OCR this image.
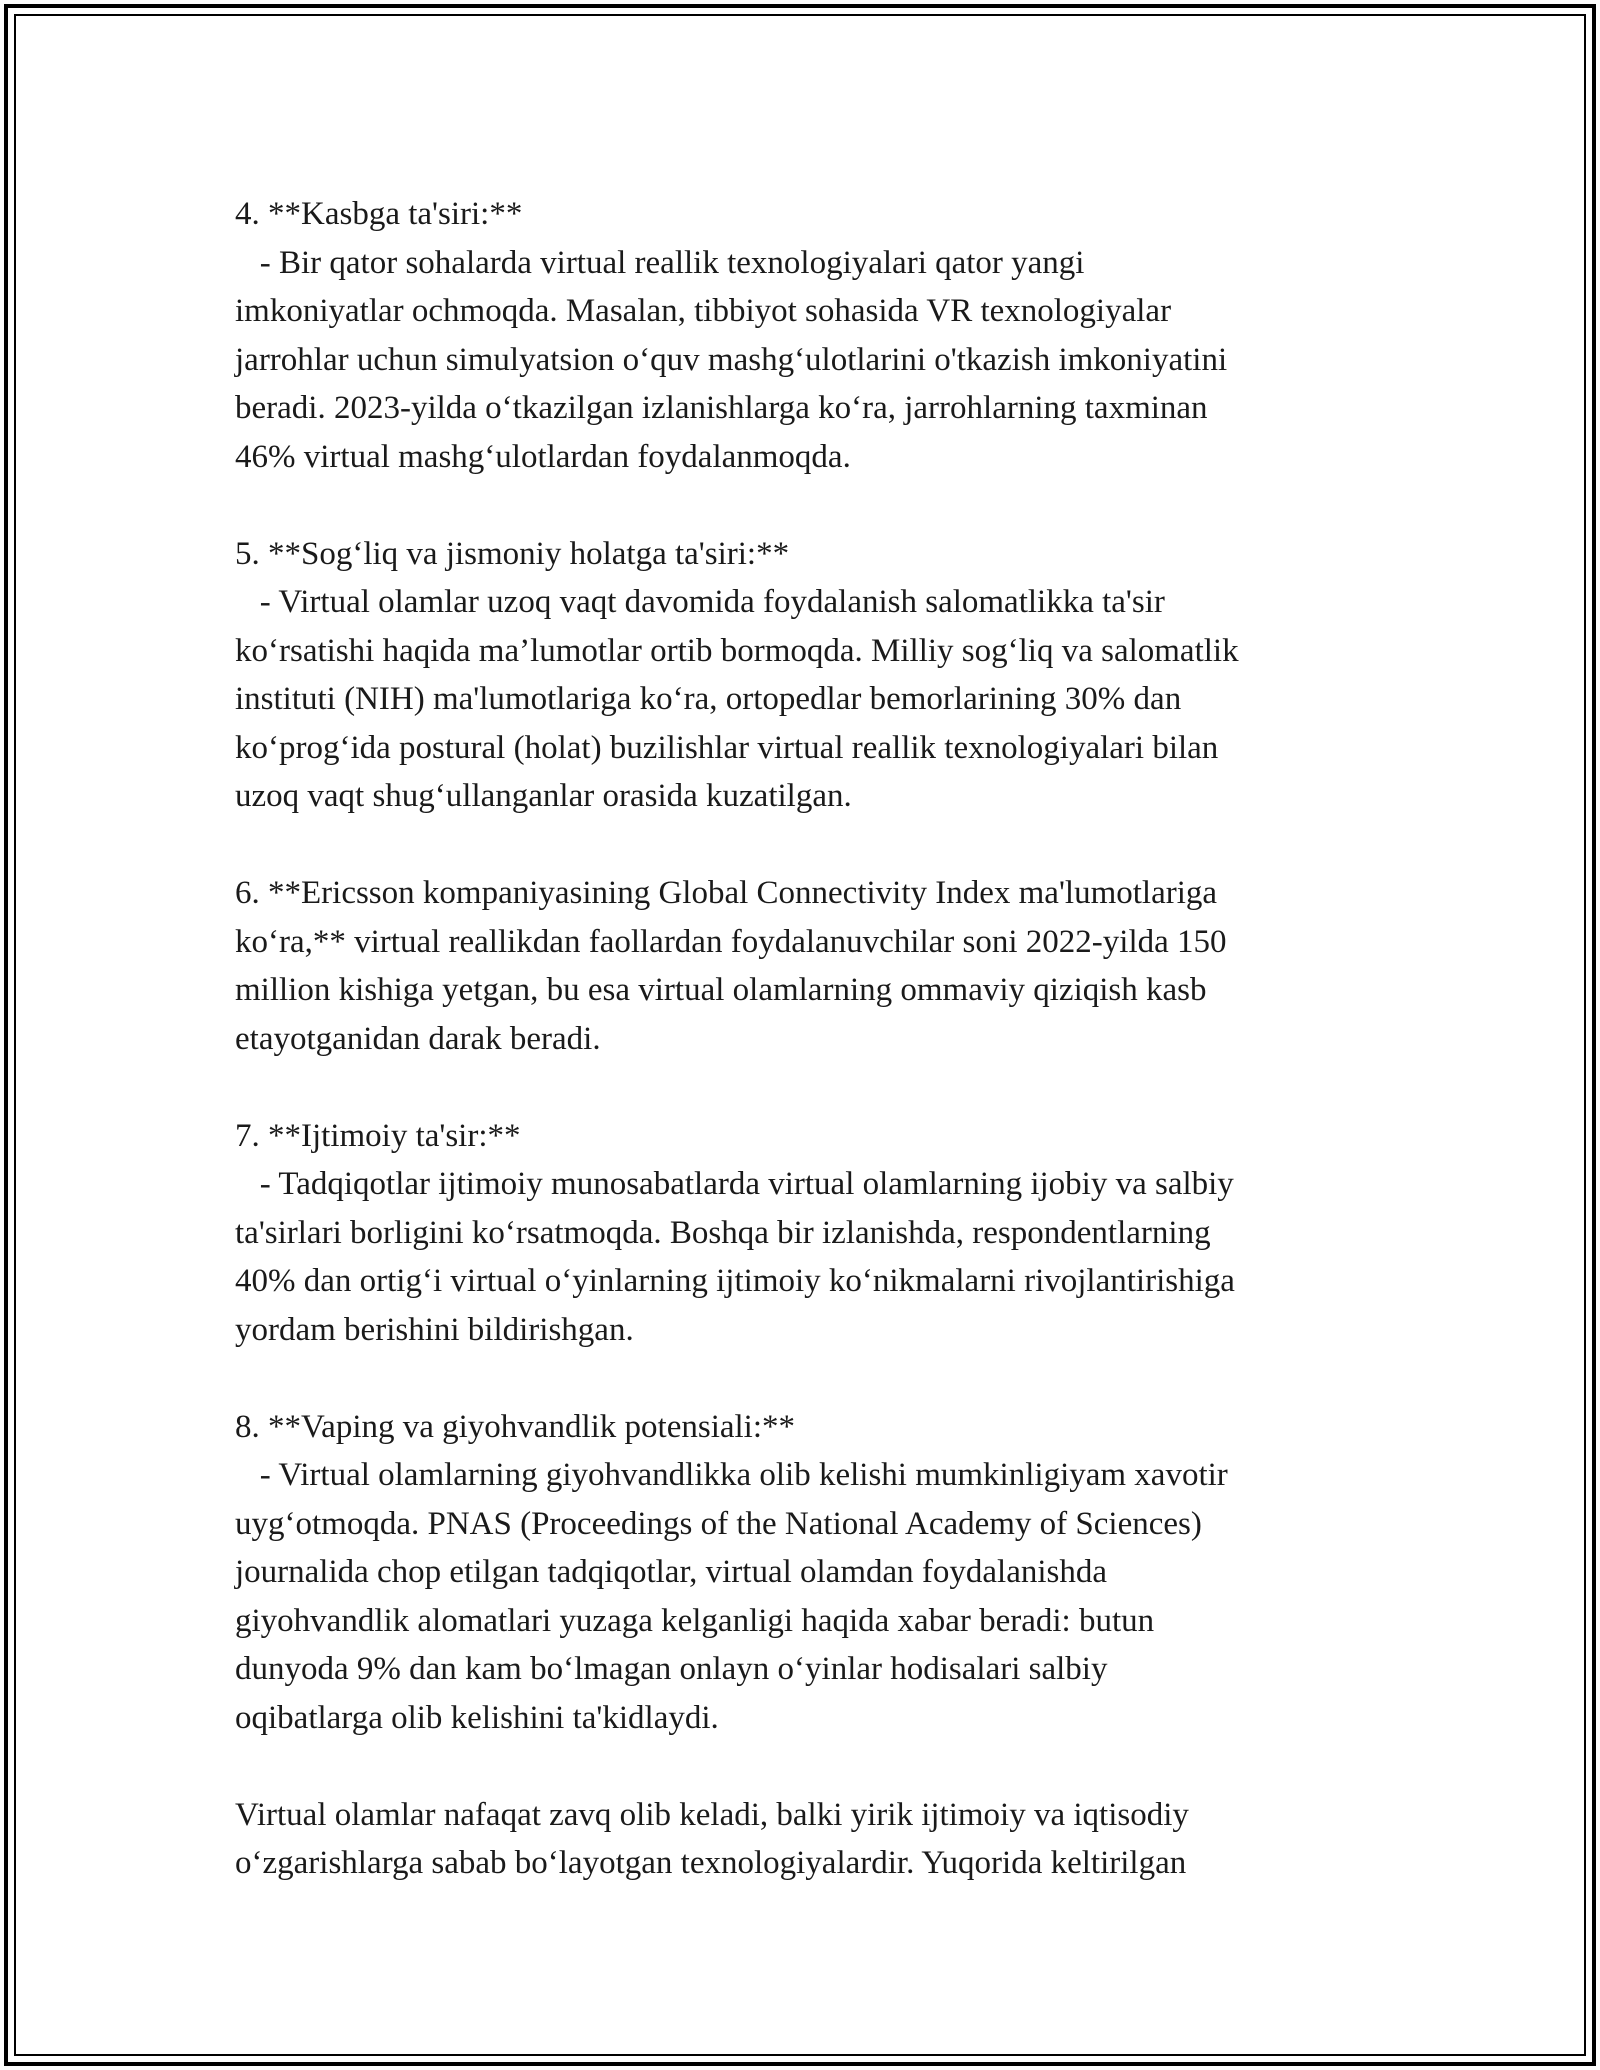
4. **Kasbga ta'siri:**

- Bir qator sohalarda virtual reallik texnologiyalari qator yangi

imkoniyatlar ochmoqda. Masalan, tibbiyot sohasida VR texnologiyalar

jarrohlar uchun simulyatsion o‘quv mashg‘ulotlarini o'tkazish imkoniyatini

beradi. 2023-yilda o‘tkazilgan izlanishlarga ko‘ra, jarrohlarning taxminan

46% virtual mashg‘ulotlardan foydalanmoqda.

5. **Sog‘liq va jismoniy holatga ta'siri:**

- Virtual olamlar uzoq vaqt davomida foydalanish salomatlikka ta'sir

ko‘rsatishi haqida ma’lumotlar ortib bormoqda. Milliy sog‘liq va salomatlik

instituti (NIH) ma'lumotlariga ko‘ra, ortopedlar bemorlarining 30% dan

ko‘prog‘ida postural (holat) buzilishlar virtual reallik texnologiyalari bilan

uzoq vaqt shug‘ullanganlar orasida kuzatilgan.

6. **Ericsson kompaniyasining Global Connectivity Index ma'lumotlariga

ko‘ra,** virtual reallikdan faollardan foydalanuvchilar soni 2022-yilda 150

million kishiga yetgan, bu esa virtual olamlarning ommaviy qiziqish kasb

etayotganidan darak beradi.

7. **Ijtimoiy ta'sir:**

- Tadqiqotlar ijtimoiy munosabatlarda virtual olamlarning ijobiy va salbiy

ta'sirlari borligini ko‘rsatmoqda. Boshqa bir izlanishda, respondentlarning

40% dan ortig‘i virtual o‘yinlarning ijtimoiy ko‘nikmalarni rivojlantirishiga

yordam berishini bildirishgan.

8. **Vaping va giyohvandlik potensiali:**

- Virtual olamlarning giyohvandlikka olib kelishi mumkinligiyam xavotir

uyg‘otmoqda. PNAS (Proceedings of the National Academy of Sciences)

journalida chop etilgan tadqiqotlar, virtual olamdan foydalanishda

giyohvandlik alomatlari yuzaga kelganligi haqida xabar beradi: butun

dunyoda 9% dan kam bo‘lmagan onlayn o‘yinlar hodisalari salbiy

oqibatlarga olib kelishini ta'kidlaydi.

Virtual olamlar nafaqat zavq olib keladi, balki yirik ijtimoiy va iqtisodiy

o‘zgarishlarga sabab bo‘layotgan texnologiyalardir. Yuqorida keltirilgan
